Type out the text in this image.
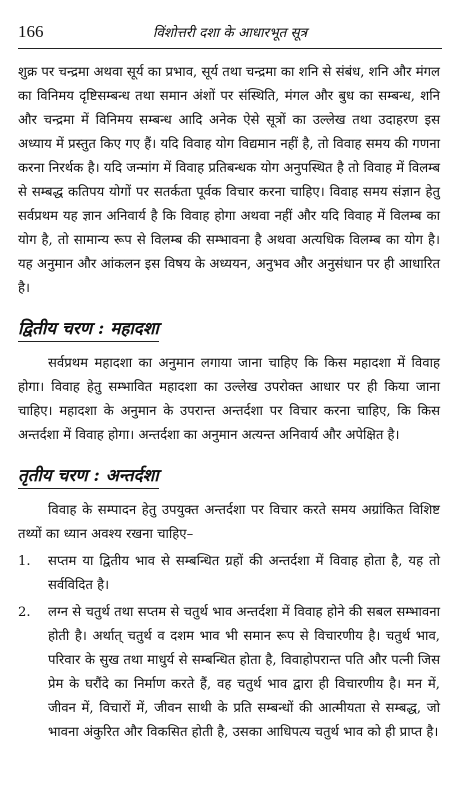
166	विंशोत्तरी दशा के आधारभूत सूत्र

शुक्र पर चन्द्रमा अथवा सूर्य का प्रभाव, सूर्य तथा चन्द्रमा का शनि से संबंध, शनि और मंगल का विनिमय दृष्टिसम्बन्ध तथा समान अंशों पर संस्थिति, मंगल और बुध का सम्बन्ध, शनि और चन्द्रमा में विनिमय सम्बन्ध आदि अनेक ऐसे सूत्रों का उल्लेख तथा उदाहरण इस अध्याय में प्रस्तुत किए गए हैं। यदि विवाह योग विद्यमान नहीं है, तो विवाह समय की गणना करना निरर्थक है। यदि जन्मांग में विवाह प्रतिबन्धक योग अनुपस्थित है तो विवाह में विलम्ब से सम्बद्ध कतिपय योगों पर सतर्कता पूर्वक विचार करना चाहिए। विवाह समय संज्ञान हेतु सर्वप्रथम यह ज्ञान अनिवार्य है कि विवाह होगा अथवा नहीं और यदि विवाह में विलम्ब का योग है, तो सामान्य रूप से विलम्ब की सम्भावना है अथवा अत्यधिक विलम्ब का योग है। यह अनुमान और आंकलन इस विषय के अध्ययन, अनुभव और अनुसंधान पर ही आधारित है।

द्वितीय चरण : महादशा

सर्वप्रथम महादशा का अनुमान लगाया जाना चाहिए कि किस महादशा में विवाह होगा। विवाह हेतु सम्भावित महादशा का उल्लेख उपरोक्त आधार पर ही किया जाना चाहिए। महादशा के अनुमान के उपरान्त अन्तर्दशा पर विचार करना चाहिए, कि किस अन्तर्दशा में विवाह होगा। अन्तर्दशा का अनुमान अत्यन्त अनिवार्य और अपेक्षित है।

तृतीय चरण : अन्तर्दशा

विवाह के सम्पादन हेतु उपयुक्त अन्तर्दशा पर विचार करते समय अग्रांकित विशिष्ट तथ्यों का ध्यान अवश्य रखना चाहिए–

1.	सप्तम या द्वितीय भाव से सम्बन्धित ग्रहों की अन्तर्दशा में विवाह होता है, यह तो सर्वविदित है।

2.	लग्न से चतुर्थ तथा सप्तम से चतुर्थ भाव अन्तर्दशा में विवाह होने की सबल सम्भावना होती है। अर्थात् चतुर्थ व दशम भाव भी समान रूप से विचारणीय है। चतुर्थ भाव, परिवार के सुख तथा माधुर्य से सम्बन्धित होता है, विवाहोपरान्त पति और पत्नी जिस प्रेम के घरौंदे का निर्माण करते हैं, वह चतुर्थ भाव द्वारा ही विचारणीय है। मन में, जीवन में, विचारों में, जीवन साथी के प्रति सम्बन्धों की आत्मीयता से सम्बद्ध, जो भावना अंकुरित और विकसित होती है, उसका आधिपत्य चतुर्थ भाव को ही प्राप्त है।
